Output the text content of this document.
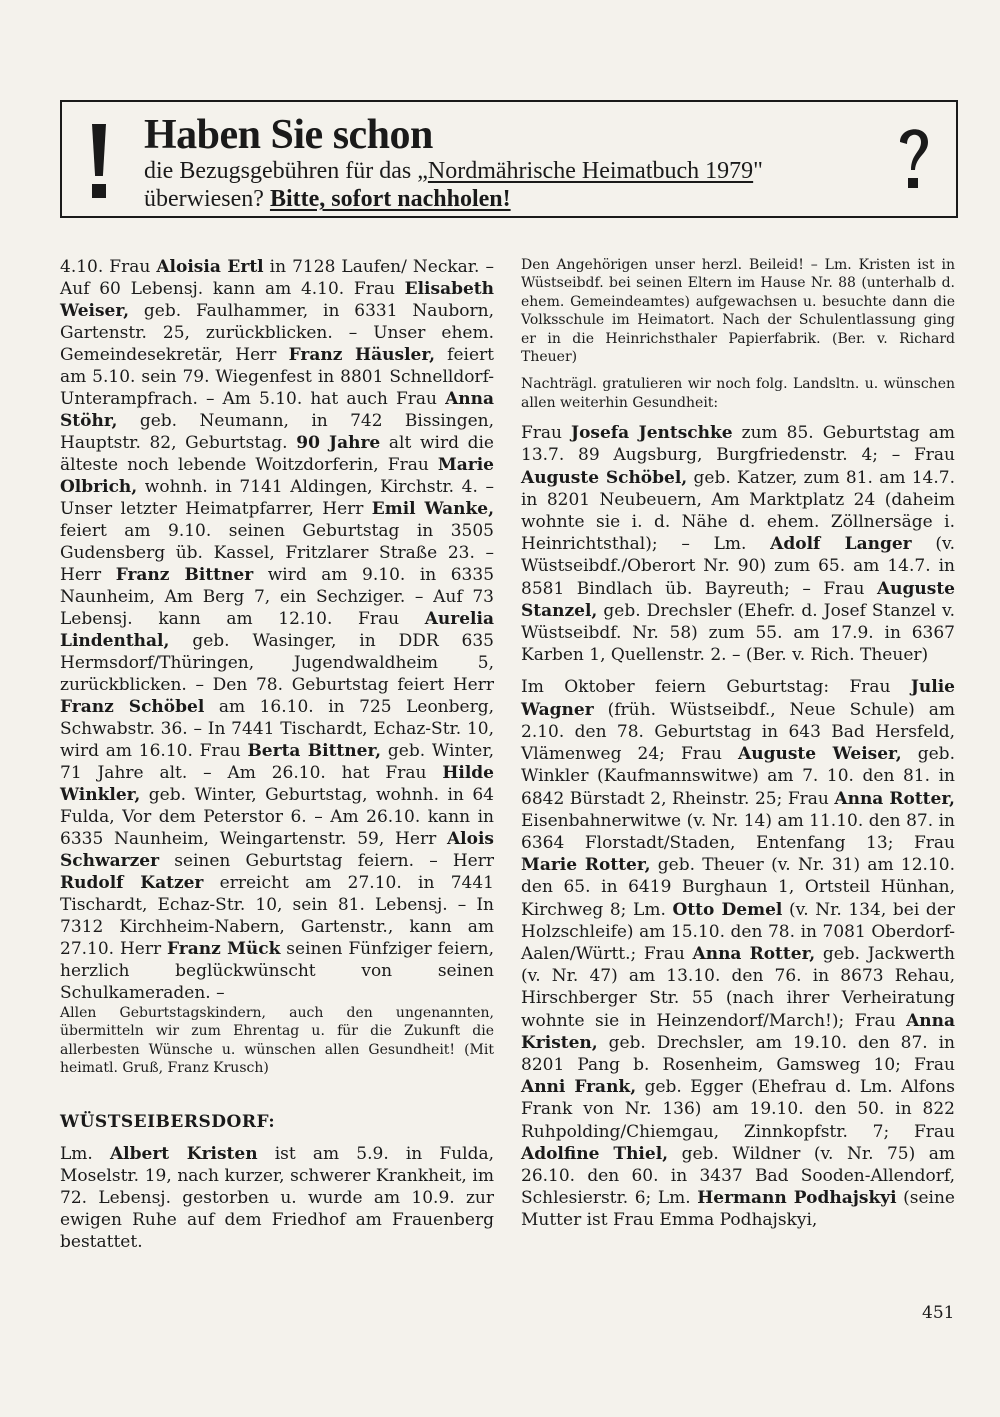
Haben Sie schon
die Bezugsgebühren für das „Nordmährische Heimatbuch 1979"
überwiesen? Bitte, sofort nachholen!

4.10. Frau Aloisia Ertl in 7128 Laufen/ Neckar. – Auf 60 Lebensj. kann am 4.10. Frau Elisabeth Weiser, geb. Faulhammer, in 6331 Nauborn, Gartenstr. 25, zurückblicken. – Unser ehem. Gemeindesekretär, Herr Franz Häusler, feiert am 5.10. sein 79. Wiegenfest in 8801 Schnelldorf-Unterampfrach. – Am 5.10. hat auch Frau Anna Stöhr, geb. Neumann, in 742 Bissingen, Hauptstr. 82, Geburtstag. 90 Jahre alt wird die älteste noch lebende Woitzdorferin, Frau Marie Olbrich, wohnh. in 7141 Aldingen, Kirchstr. 4. – Unser letzter Heimatpfarrer, Herr Emil Wanke, feiert am 9.10. seinen Geburtstag in 3505 Gudensberg üb. Kassel, Fritzlarer Straße 23. – Herr Franz Bittner wird am 9.10. in 6335 Naunheim, Am Berg 7, ein Sechziger. – Auf 73 Lebensj. kann am 12.10. Frau Aurelia Lindenthal, geb. Wasinger, in DDR 635 Hermsdorf/Thüringen, Jugendwaldheim 5, zurückblicken. – Den 78. Geburtstag feiert Herr Franz Schöbel am 16.10. in 725 Leonberg, Schwabstr. 36. – In 7441 Tischardt, Echaz-Str. 10, wird am 16.10. Frau Berta Bittner, geb. Winter, 71 Jahre alt. – Am 26.10. hat Frau Hilde Winkler, geb. Winter, Geburtstag, wohnh. in 64 Fulda, Vor dem Peterstor 6. – Am 26.10. kann in 6335 Naunheim, Weingartenstr. 59, Herr Alois Schwarzer seinen Geburtstag feiern. – Herr Rudolf Katzer erreicht am 27.10. in 7441 Tischardt, Echaz-Str. 10, sein 81. Lebensj. – In 7312 Kirchheim-Nabern, Gartenstr., kann am 27.10. Herr Franz Mück seinen Fünfziger feiern, herzlich beglückwünscht von seinen Schulkameraden. –

Allen Geburtstagskindern, auch den ungenannten, übermitteln wir zum Ehrentag u. für die Zukunft die allerbesten Wünsche u. wünschen allen Gesundheit! (Mit heimatl. Gruß, Franz Krusch)

WÜSTSEIBERSDORF:

Lm. Albert Kristen ist am 5.9. in Fulda, Moselstr. 19, nach kurzer, schwerer Krankheit, im 72. Lebensj. gestorben u. wurde am 10.9. zur ewigen Ruhe auf dem Friedhof am Frauenberg bestattet.

Den Angehörigen unser herzl. Beileid! – Lm. Kristen ist in Wüstseibdf. bei seinen Eltern im Hause Nr. 88 (unterhalb d. ehem. Gemeindeamtes) aufgewachsen u. besuchte dann die Volksschule im Heimatort. Nach der Schulentlassung ging er in die Heinrichsthaler Papierfabrik. (Ber. v. Richard Theuer)

Nachträgl. gratulieren wir noch folg. Landsltn. u. wünschen allen weiterhin Gesundheit:

Frau Josefa Jentschke zum 85. Geburtstag am 13.7. 89 Augsburg, Burgfriedenstr. 4; – Frau Auguste Schöbel, geb. Katzer, zum 81. am 14.7. in 8201 Neubeuern, Am Marktplatz 24 (daheim wohnte sie i. d. Nähe d. ehem. Zöllnersäge i. Heinrichtsthal); – Lm. Adolf Langer (v. Wüstseibdf./Oberort Nr. 90) zum 65. am 14.7. in 8581 Bindlach üb. Bayreuth; – Frau Auguste Stanzel, geb. Drechsler (Ehefr. d. Josef Stanzel v. Wüstseibdf. Nr. 58) zum 55. am 17.9. in 6367 Karben 1, Quellenstr. 2. – (Ber. v. Rich. Theuer)

Im Oktober feiern Geburtstag: Frau Julie Wagner (früh. Wüstseibdf., Neue Schule) am 2.10. den 78. Geburtstag in 643 Bad Hersfeld, Vlämenweg 24; Frau Auguste Weiser, geb. Winkler (Kaufmannswitwe) am 7. 10. den 81. in 6842 Bürstadt 2, Rheinstr. 25; Frau Anna Rotter, Eisenbahnerwitwe (v. Nr. 14) am 11.10. den 87. in 6364 Florstadt/Staden, Entenfang 13; Frau Marie Rotter, geb. Theuer (v. Nr. 31) am 12.10. den 65. in 6419 Burghaun 1, Ortsteil Hünhan, Kirchweg 8; Lm. Otto Demel (v. Nr. 134, bei der Holzschleife) am 15.10. den 78. in 7081 Oberdorf-Aalen/Württ.; Frau Anna Rotter, geb. Jackwerth (v. Nr. 47) am 13.10. den 76. in 8673 Rehau, Hirschberger Str. 55 (nach ihrer Verheiratung wohnte sie in Heinzendorf/March!); Frau Anna Kristen, geb. Drechsler, am 19.10. den 87. in 8201 Pang b. Rosenheim, Gamsweg 10; Frau Anni Frank, geb. Egger (Ehefrau d. Lm. Alfons Frank von Nr. 136) am 19.10. den 50. in 822 Ruhpolding/Chiemgau, Zinnkopfstr. 7; Frau Adolfine Thiel, geb. Wildner (v. Nr. 75) am 26.10. den 60. in 3437 Bad Sooden-Allendorf, Schlesierstr. 6; Lm. Hermann Podhajskyi (seine Mutter ist Frau Emma Podhajskyi,

451
